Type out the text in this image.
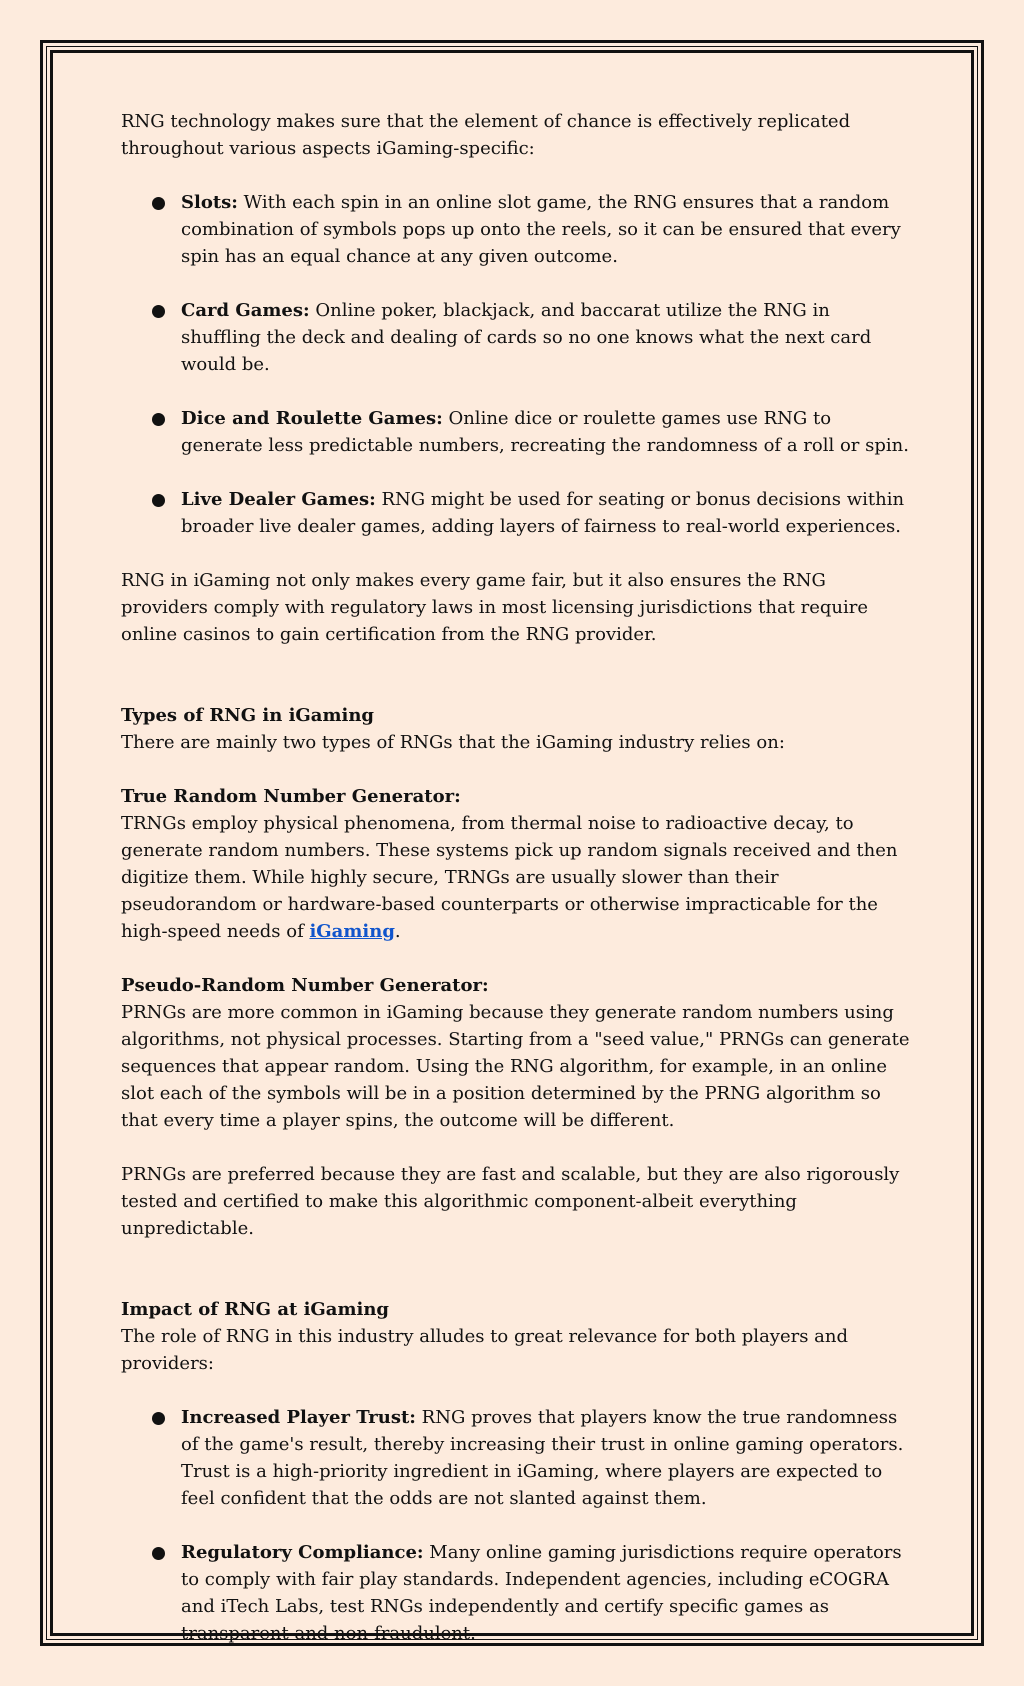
RNG technology makes sure that the element of chance is effectively replicated throughout various aspects iGaming-specific:

Slots: With each spin in an online slot game, the RNG ensures that a random combination of symbols pops up onto the reels, so it can be ensured that every spin has an equal chance at any given outcome.
Card Games: Online poker, blackjack, and baccarat utilize the RNG in shuffling the deck and dealing of cards so no one knows what the next card would be.
Dice and Roulette Games: Online dice or roulette games use RNG to generate less predictable numbers, recreating the randomness of a roll or spin.
Live Dealer Games: RNG might be used for seating or bonus decisions within broader live dealer games, adding layers of fairness to real-world experiences.

RNG in iGaming not only makes every game fair, but it also ensures the RNG providers comply with regulatory laws in most licensing jurisdictions that require online casinos to gain certification from the RNG provider.

Types of RNG in iGaming

There are mainly two types of RNGs that the iGaming industry relies on:

True Random Number Generator:

TRNGs employ physical phenomena, from thermal noise to radioactive decay, to generate random numbers. These systems pick up random signals received and then digitize them. While highly secure, TRNGs are usually slower than their pseudorandom or hardware-based counterparts or otherwise impracticable for the high-speed needs of iGaming.

Pseudo-Random Number Generator:

PRNGs are more common in iGaming because they generate random numbers using algorithms, not physical processes. Starting from a "seed value," PRNGs can generate sequences that appear random. Using the RNG algorithm, for example, in an online slot each of the symbols will be in a position determined by the PRNG algorithm so that every time a player spins, the outcome will be different.

PRNGs are preferred because they are fast and scalable, but they are also rigorously tested and certified to make this algorithmic component-albeit everything unpredictable.

Impact of RNG at iGaming

The role of RNG in this industry alludes to great relevance for both players and providers:

Increased Player Trust: RNG proves that players know the true randomness of the game's result, thereby increasing their trust in online gaming operators. Trust is a high-priority ingredient in iGaming, where players are expected to feel confident that the odds are not slanted against them.
Regulatory Compliance: Many online gaming jurisdictions require operators to comply with fair play standards. Independent agencies, including eCOGRA and iTech Labs, test RNGs independently and certify specific games as transparent and non-fraudulent.
